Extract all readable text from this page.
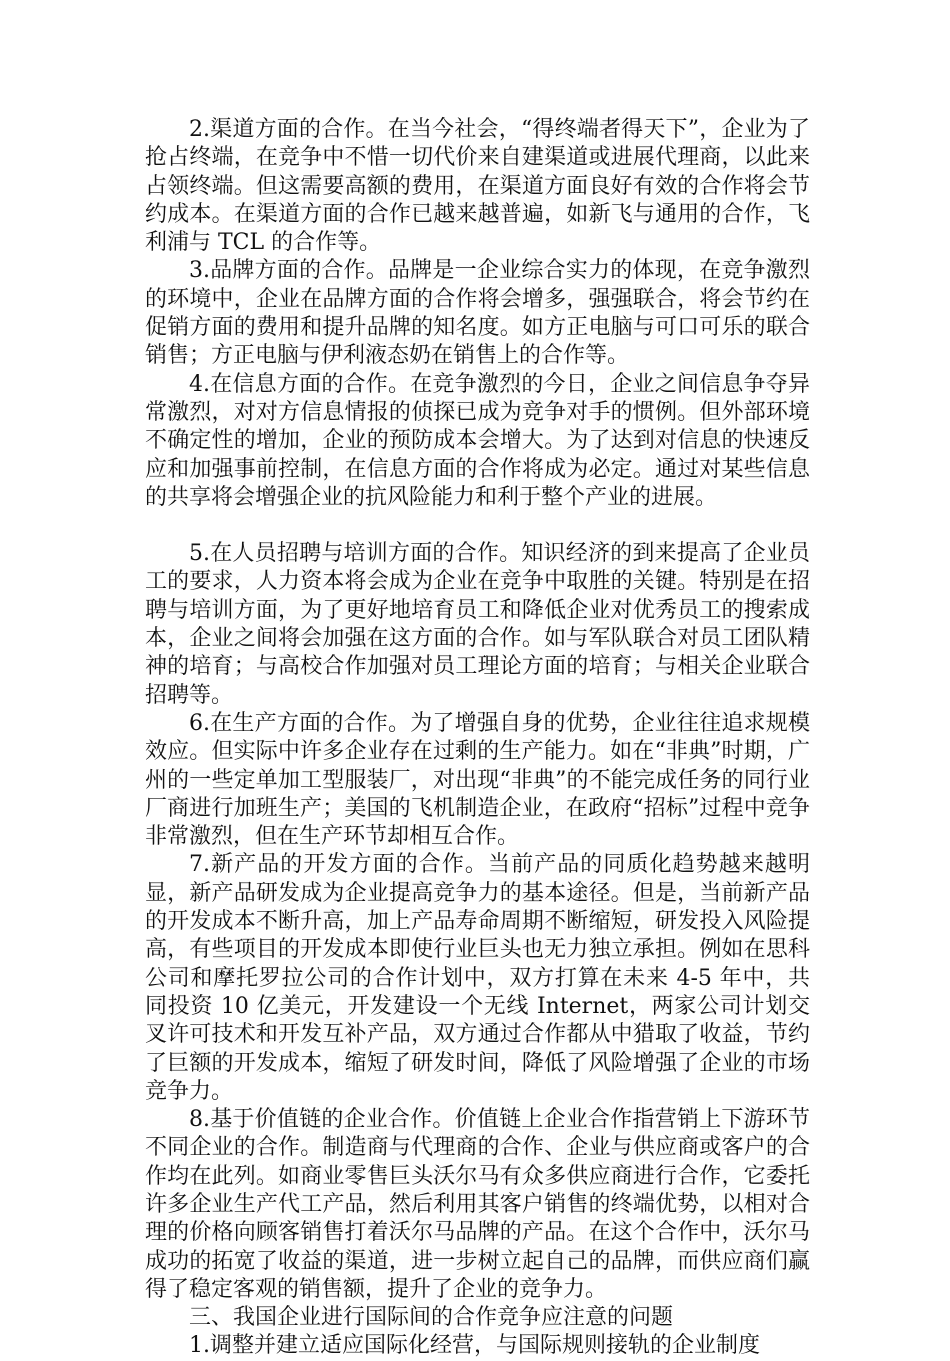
2.渠道方面的合作。在当今社会，“得终端者得天下”，企业为了抢占终端，在竞争中不惜一切代价来自建渠道或进展代理商，以此来占领终端。但这需要高额的费用，在渠道方面良好有效的合作将会节约成本。在渠道方面的合作已越来越普遍，如新飞与通用的合作，飞利浦与 TCL 的合作等。

3.品牌方面的合作。品牌是一企业综合实力的体现，在竞争激烈的环境中，企业在品牌方面的合作将会增多，强强联合，将会节约在促销方面的费用和提升品牌的知名度。如方正电脑与可口可乐的联合销售；方正电脑与伊利液态奶在销售上的合作等。

4.在信息方面的合作。在竞争激烈的今日，企业之间信息争夺异常激烈，对对方信息情报的侦探已成为竞争对手的惯例。但外部环境不确定性的增加，企业的预防成本会增大。为了达到对信息的快速反应和加强事前控制，在信息方面的合作将成为必定。通过对某些信息的共享将会增强企业的抗风险能力和利于整个产业的进展。

5.在人员招聘与培训方面的合作。知识经济的到来提高了企业员工的要求，人力资本将会成为企业在竞争中取胜的关键。特别是在招聘与培训方面，为了更好地培育员工和降低企业对优秀员工的搜索成本，企业之间将会加强在这方面的合作。如与军队联合对员工团队精神的培育；与高校合作加强对员工理论方面的培育；与相关企业联合招聘等。

6.在生产方面的合作。为了增强自身的优势，企业往往追求规模效应。但实际中许多企业存在过剩的生产能力。如在“非典”时期，广州的一些定单加工型服装厂，对出现“非典”的不能完成任务的同行业厂商进行加班生产；美国的飞机制造企业，在政府“招标”过程中竞争非常激烈，但在生产环节却相互合作。

7.新产品的开发方面的合作。当前产品的同质化趋势越来越明显，新产品研发成为企业提高竞争力的基本途径。但是，当前新产品的开发成本不断升高，加上产品寿命周期不断缩短，研发投入风险提高，有些项目的开发成本即使行业巨头也无力独立承担。例如在思科公司和摩托罗拉公司的合作计划中，双方打算在未来 4-5 年中，共同投资 10 亿美元，开发建设一个无线 Internet，两家公司计划交叉许可技术和开发互补产品，双方通过合作都从中猎取了收益，节约了巨额的开发成本，缩短了研发时间，降低了风险增强了企业的市场竞争力。

8.基于价值链的企业合作。价值链上企业合作指营销上下游环节不同企业的合作。制造商与代理商的合作、企业与供应商或客户的合作均在此列。如商业零售巨头沃尔马有众多供应商进行合作，它委托许多企业生产代工产品，然后利用其客户销售的终端优势，以相对合理的价格向顾客销售打着沃尔马品牌的产品。在这个合作中，沃尔马成功的拓宽了收益的渠道，进一步树立起自己的品牌，而供应商们赢得了稳定客观的销售额，提升了企业的竞争力。

三、我国企业进行国际间的合作竞争应注意的问题

1.调整并建立适应国际化经营，与国际规则接轨的企业制度
